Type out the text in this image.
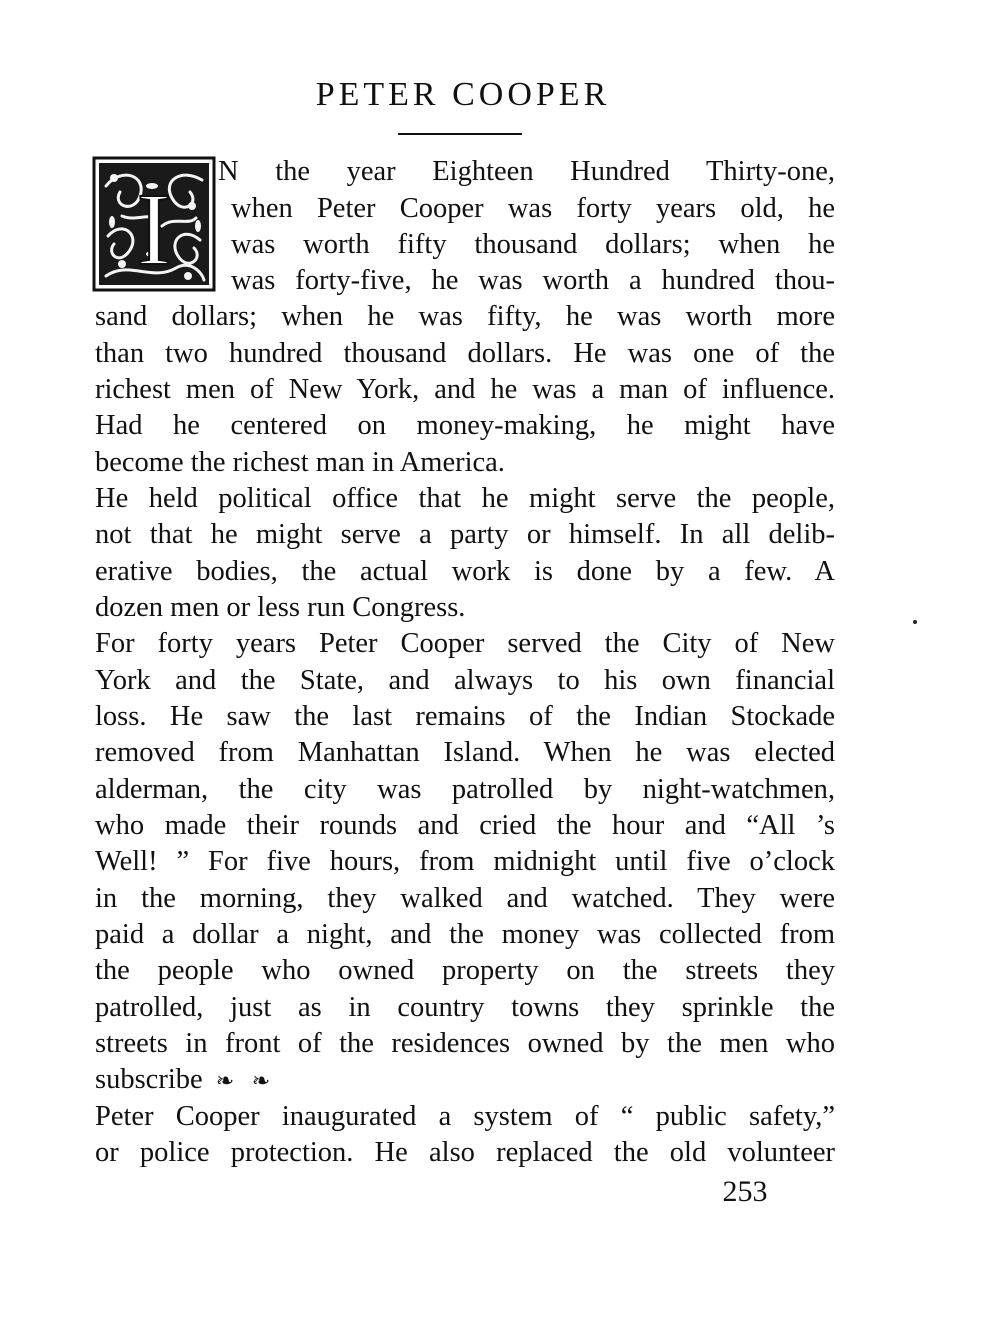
PETER COOPER
I
N the year Eighteen Hundred Thirty-one,
when Peter Cooper was forty years old, he
was worth fifty thousand dollars; when he
was forty-five, he was worth a hundred thou-
sand dollars; when he was fifty, he was worth more
than two hundred thousand dollars. He was one of the
richest men of New York, and he was a man of influence.
Had he centered on money-making, he might have
become the richest man in America.
He held political office that he might serve the people,
not that he might serve a party or himself. In all delib-
erative bodies, the actual work is done by a few. A
dozen men or less run Congress.
For forty years Peter Cooper served the City of New
York and the State, and always to his own financial
loss. He saw the last remains of the Indian Stockade
removed from Manhattan Island. When he was elected
alderman, the city was patrolled by night-watchmen,
who made their rounds and cried the hour and “All ’s
Well! ” For five hours, from midnight until five o’clock
in the morning, they walked and watched. They were
paid a dollar a night, and the money was collected from
the people who owned property on the streets they
patrolled, just as in country towns they sprinkle the
streets in front of the residences owned by the men who
subscribe ❧ ❧
Peter Cooper inaugurated a system of “ public safety,”
or police protection. He also replaced the old volunteer
253
